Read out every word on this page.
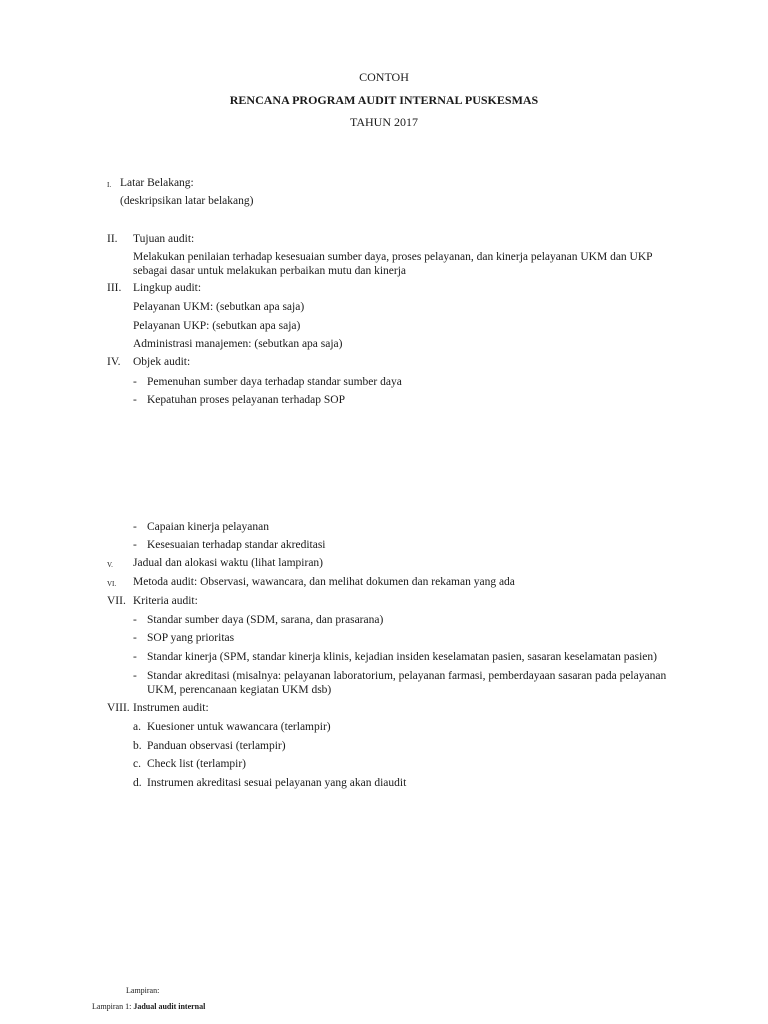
CONTOH
RENCANA PROGRAM AUDIT INTERNAL PUSKESMAS
TAHUN 2017
I. Latar Belakang:
(deskripsikan latar belakang)
II. Tujuan audit:
Melakukan penilaian terhadap kesesuaian sumber daya, proses pelayanan, dan kinerja pelayanan UKM dan UKP
sebagai dasar untuk melakukan perbaikan mutu dan kinerja
III. Lingkup audit:
Pelayanan UKM: (sebutkan apa saja)
Pelayanan UKP: (sebutkan apa saja)
Administrasi manajemen: (sebutkan apa saja)
IV. Objek audit:
- Pemenuhan sumber daya terhadap standar sumber daya
- Kepatuhan proses pelayanan terhadap SOP
- Capaian kinerja pelayanan
- Kesesuaian terhadap standar akreditasi
V. Jadual dan alokasi waktu (lihat lampiran)
VI. Metoda audit: Observasi, wawancara, dan melihat dokumen dan rekaman yang ada
VII. Kriteria audit:
- Standar sumber daya (SDM, sarana, dan prasarana)
- SOP yang prioritas
- Standar kinerja (SPM, standar kinerja klinis, kejadian insiden keselamatan pasien, sasaran keselamatan pasien)
- Standar akreditasi (misalnya: pelayanan laboratorium, pelayanan farmasi, pemberdayaan sasaran pada pelayanan
UKM, perencanaan kegiatan UKM dsb)
VIII. Instrumen audit:
a. Kuesioner untuk wawancara (terlampir)
b. Panduan observasi (terlampir)
c. Check list (terlampir)
d. Instrumen akreditasi sesuai pelayanan yang akan diaudit
Lampiran:
Lampiran 1: Jadual audit internal
